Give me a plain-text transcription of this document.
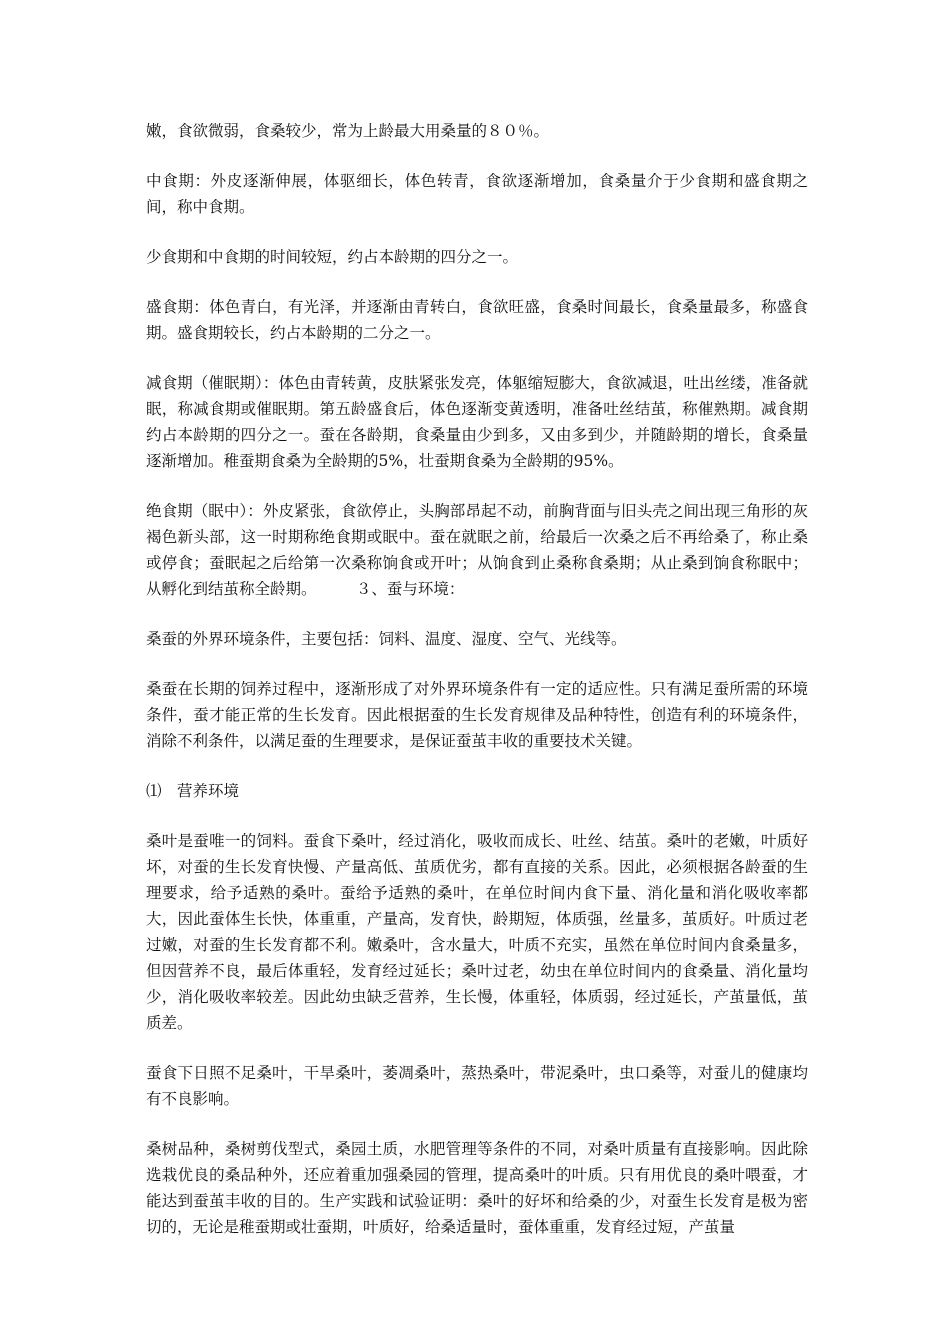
嫩，食欲微弱，食桑较少，常为上龄最大用桑量的８０％。

中食期：外皮逐渐伸展，体驱细长，体色转青，食欲逐渐增加，食桑量介于少食期和盛食期之间，称中食期。

少食期和中食期的时间较短，约占本龄期的四分之一。

盛食期：体色青白，有光泽，并逐渐由青转白，食欲旺盛，食桑时间最长，食桑量最多，称盛食期。盛食期较长，约占本龄期的二分之一。

减食期（催眠期）：体色由青转黄，皮肤紧张发亮，体躯缩短膨大，食欲减退，吐出丝缕，准备就眠，称减食期或催眠期。第五龄盛食后，体色逐渐变黄透明，准备吐丝结茧，称催熟期。减食期约占本龄期的四分之一。蚕在各龄期，食桑量由少到多，又由多到少，并随龄期的增长，食桑量逐渐增加。稚蚕期食桑为全龄期的5%，壮蚕期食桑为全龄期的95%。

绝食期（眠中）：外皮紧张，食欲停止，头胸部昂起不动，前胸背面与旧头壳之间出现三角形的灰褐色新头部，这一时期称绝食期或眠中。蚕在就眠之前，给最后一次桑之后不再给桑了，称止桑或停食；蚕眠起之后给第一次桑称饷食或开叶；从饷食到止桑称食桑期；从止桑到饷食称眠中；从孵化到结茧称全龄期。        ３、蚕与环境：

桑蚕的外界环境条件，主要包括：饲料、温度、湿度、空气、光线等。

桑蚕在长期的饲养过程中，逐渐形成了对外界环境条件有一定的适应性。只有满足蚕所需的环境条件，蚕才能正常的生长发育。因此根据蚕的生长发育规律及品种特性，创造有利的环境条件，消除不利条件，以满足蚕的生理要求，是保证蚕茧丰收的重要技术关键。

⑴　营养环境

桑叶是蚕唯一的饲料。蚕食下桑叶，经过消化，吸收而成长、吐丝、结茧。桑叶的老嫩，叶质好坏，对蚕的生长发育快慢、产量高低、茧质优劣，都有直接的关系。因此，必须根据各龄蚕的生理要求，给予适熟的桑叶。蚕给予适熟的桑叶，在单位时间内食下量、消化量和消化吸收率都大，因此蚕体生长快，体重重，产量高，发育快，龄期短，体质强，丝量多，茧质好。叶质过老过嫩，对蚕的生长发育都不利。嫩桑叶，含水量大，叶质不充实，虽然在单位时间内食桑量多，但因营养不良，最后体重轻，发育经过延长；桑叶过老，幼虫在单位时间内的食桑量、消化量均少，消化吸收率较差。因此幼虫缺乏营养，生长慢，体重轻，体质弱，经过延长，产茧量低，茧质差。

蚕食下日照不足桑叶，干旱桑叶，萎凋桑叶，蒸热桑叶，带泥桑叶，虫口桑等，对蚕儿的健康均有不良影响。

桑树品种，桑树剪伐型式，桑园土质，水肥管理等条件的不同，对桑叶质量有直接影响。因此除选栽优良的桑品种外，还应着重加强桑园的管理，提高桑叶的叶质。只有用优良的桑叶喂蚕，才能达到蚕茧丰收的目的。生产实践和试验证明：桑叶的好坏和给桑的少，对蚕生长发育是极为密切的，无论是稚蚕期或壮蚕期，叶质好，给桑适量时，蚕体重重，发育经过短，产茧量
